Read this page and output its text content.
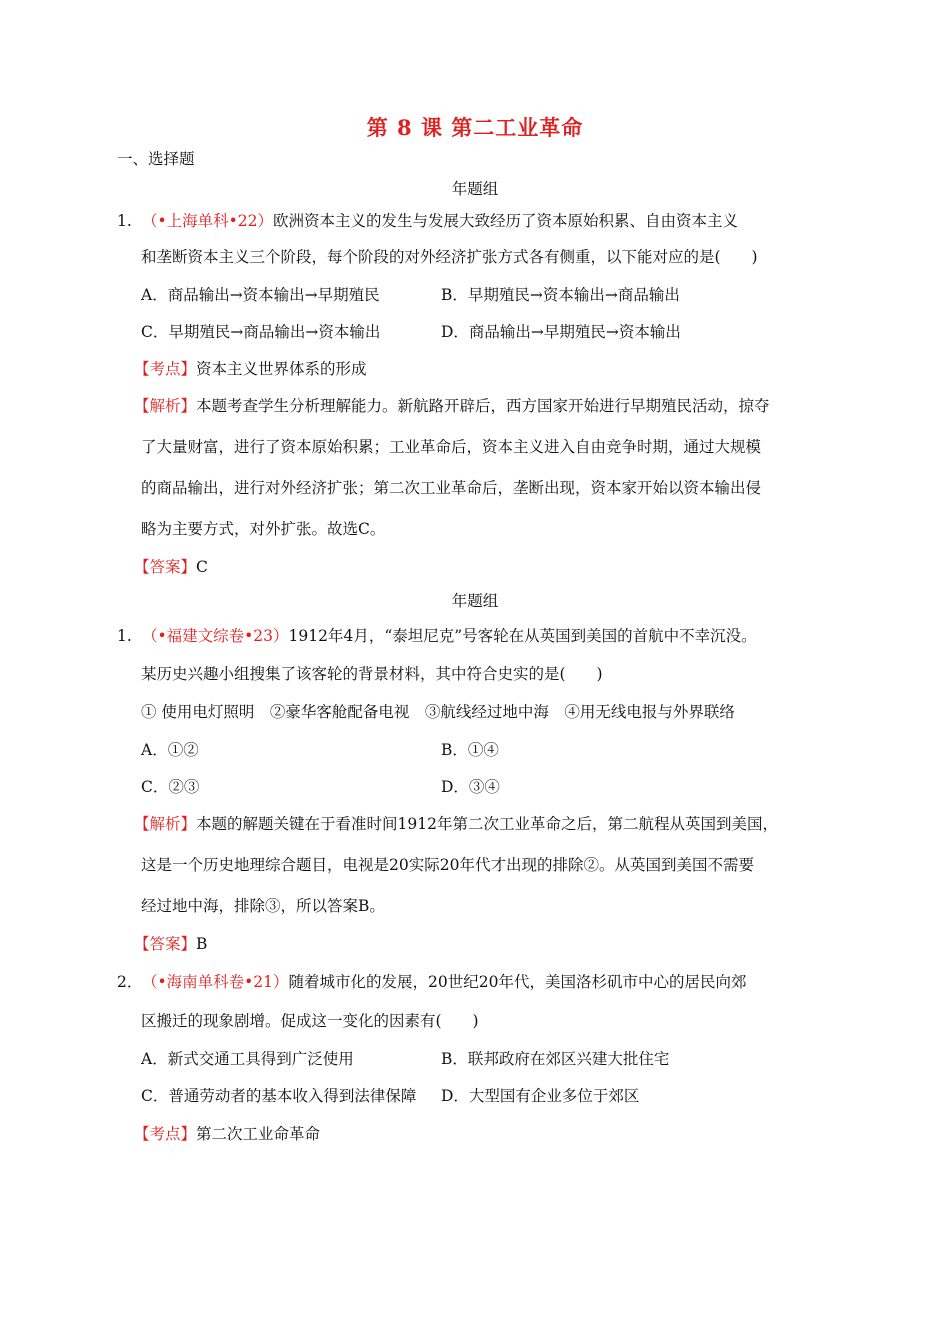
第 8 课 第二工业革命
一、选择题
年题组
1. （•上海单科•22）欧洲资本主义的发生与发展大致经历了资本原始积累、自由资本主义
和垄断资本主义三个阶段，每个阶段的对外经济扩张方式各有侧重，以下能对应的是(　　)
A．商品输出→资本输出→早期殖民	B．早期殖民→资本输出→商品输出
C．早期殖民→商品输出→资本输出	D．商品输出→早期殖民→资本输出
【考点】资本主义世界体系的形成
【解析】本题考查学生分析理解能力。新航路开辟后，西方国家开始进行早期殖民活动，掠夺
了大量财富，进行了资本原始积累；工业革命后，资本主义进入自由竞争时期，通过大规模
的商品输出，进行对外经济扩张；第二次工业革命后，垄断出现，资本家开始以资本输出侵
略为主要方式，对外扩张。故选C。
【答案】C
年题组
1. （•福建文综卷•23）1912年4月，“泰坦尼克”号客轮在从英国到美国的首航中不幸沉没。
某历史兴趣小组搜集了该客轮的背景材料，其中符合史实的是(　　)
① 使用电灯照明　②豪华客舱配备电视　③航线经过地中海　④用无线电报与外界联络
A．①②	B．①④
C．②③	D．③④
【解析】本题的解题关键在于看准时间1912年第二次工业革命之后，第二航程从英国到美国，
这是一个历史地理综合题目，电视是20实际20年代才出现的排除②。从英国到美国不需要
经过地中海，排除③，所以答案B。
【答案】B
2． （•海南单科卷•21）随着城市化的发展，20世纪20年代，美国洛杉矶市中心的居民向郊
区搬迁的现象剧增。促成这一变化的因素有(　　)
A．新式交通工具得到广泛使用	B．联邦政府在郊区兴建大批住宅
C．普通劳动者的基本收入得到法律保障 D．大型国有企业多位于郊区
【考点】第二次工业命革命
